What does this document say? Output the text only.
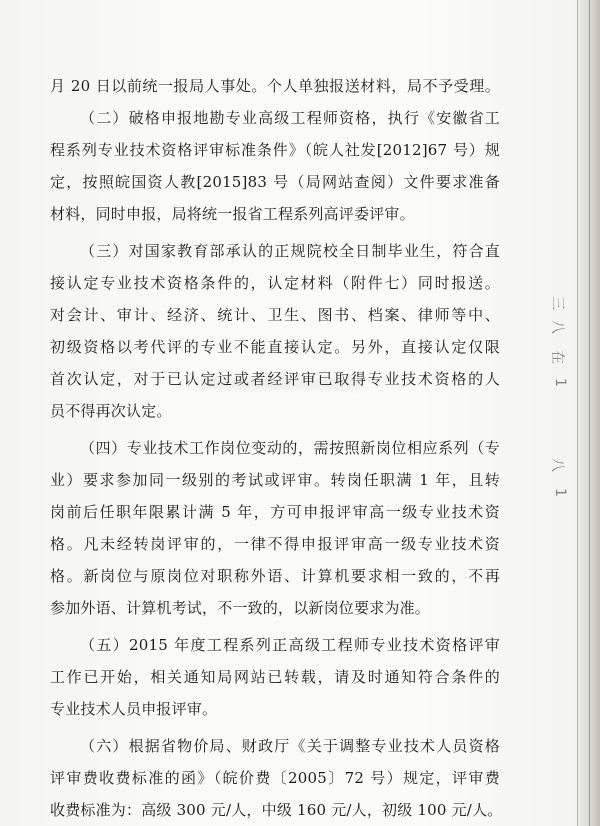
月 20 日以前统一报局人事处。个人单独报送材料，局不予受理。
（二）破格申报地勘专业高级工程师资格，执行《安徽省工
程系列专业技术资格评审标准条件》（皖人社发[2012]67 号）规
定，按照皖国资人教[2015]83 号（局网站查阅）文件要求准备
材料，同时申报，局将统一报省工程系列高评委评审。
（三）对国家教育部承认的正规院校全日制毕业生，符合直
接认定专业技术资格条件的，认定材料（附件七）同时报送。
对会计、审计、经济、统计、卫生、图书、档案、律师等中、
初级资格以考代评的专业不能直接认定。另外，直接认定仅限
首次认定，对于已认定过或者经评审已取得专业技术资格的人
员不得再次认定。
（四）专业技术工作岗位变动的，需按照新岗位相应系列（专
业）要求参加同一级别的考试或评审。转岗任职满 1 年，且转
岗前后任职年限累计满 5 年，方可申报评审高一级专业技术资
格。凡未经转岗评审的，一律不得申报评审高一级专业技术资
格。新岗位与原岗位对职称外语、计算机要求相一致的，不再
参加外语、计算机考试，不一致的，以新岗位要求为准。
（五）2015 年度工程系列正高级工程师专业技术资格评审
工作已开始，相关通知局网站已转载，请及时通知符合条件的
专业技术人员申报评审。
（六）根据省物价局、财政厅《关于调整专业技术人员资格
评审费收费标准的函》（皖价费〔2005〕72 号）规定，评审费
收费标准为：高级 300 元/人，中级 160 元/人，初级 100 元/人。
三
八
在
1
八
1
